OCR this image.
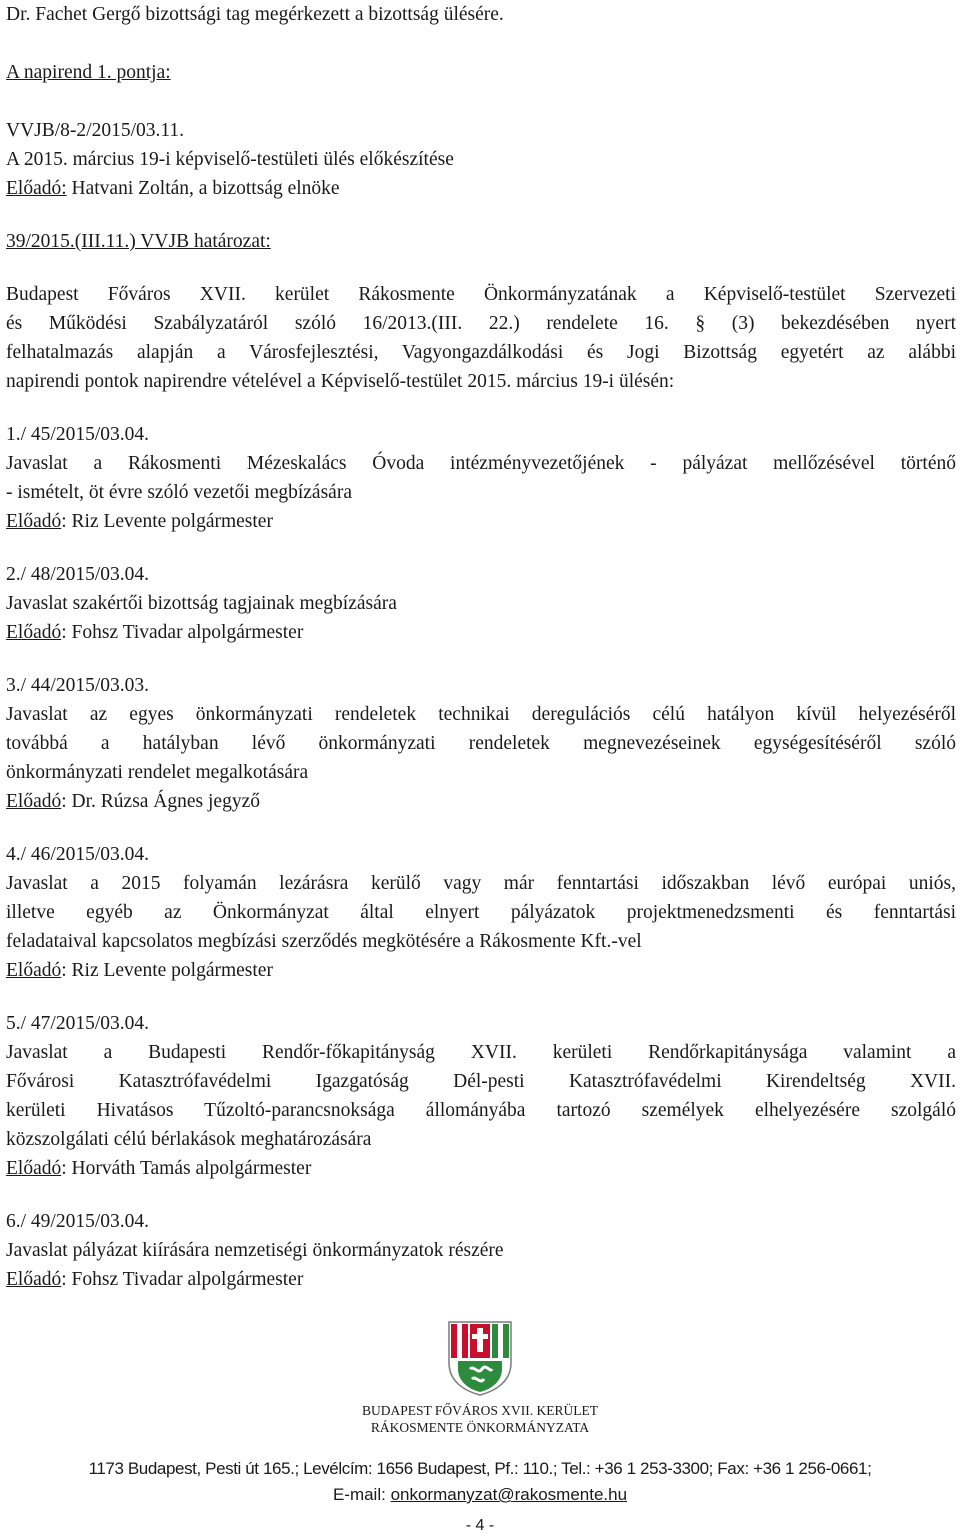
Dr. Fachet Gergő bizottsági tag megérkezett a bizottság ülésére.
A napirend 1. pontja:
VVJB/8-2/2015/03.11.
A 2015. március 19-i képviselő-testületi ülés előkészítése
Előadó: Hatvani Zoltán, a bizottság elnöke
39/2015.(III.11.) VVJB határozat:
Budapest Főváros XVII. kerület Rákosmente Önkormányzatának a Képviselő-testület Szervezeti
és Működési Szabályzatáról szóló 16/2013.(III. 22.) rendelete 16. § (3) bekezdésében nyert
felhatalmazás alapján a Városfejlesztési, Vagyongazdálkodási és Jogi Bizottság egyetért az alábbi
napirendi pontok napirendre vételével a Képviselő-testület 2015. március 19-i ülésén:
1./ 45/2015/03.04.
Javaslat a Rákosmenti Mézeskalács Óvoda intézményvezetőjének - pályázat mellőzésével történő
- ismételt, öt évre szóló vezetői megbízására
Előadó: Riz Levente polgármester
2./ 48/2015/03.04.
Javaslat szakértői bizottság tagjainak megbízására
Előadó: Fohsz Tivadar alpolgármester
3./ 44/2015/03.03.
Javaslat az egyes önkormányzati rendeletek technikai deregulációs célú hatályon kívül helyezéséről
továbbá a hatályban lévő önkormányzati rendeletek megnevezéseinek egységesítéséről szóló
önkormányzati rendelet megalkotására
Előadó: Dr. Rúzsa Ágnes jegyző
4./ 46/2015/03.04.
Javaslat a 2015 folyamán lezárásra kerülő vagy már fenntartási időszakban lévő európai uniós,
illetve egyéb az Önkormányzat által elnyert pályázatok projektmenedzsmenti és fenntartási
feladataival kapcsolatos megbízási szerződés megkötésére a Rákosmente Kft.-vel
Előadó: Riz Levente polgármester
5./ 47/2015/03.04.
Javaslat a Budapesti Rendőr-főkapitányság XVII. kerületi Rendőrkapitánysága valamint a
Fővárosi Katasztrófavédelmi Igazgatóság Dél-pesti Katasztrófavédelmi Kirendeltség XVII.
kerületi Hivatásos Tűzoltó-parancsnoksága állományába tartozó személyek elhelyezésére szolgáló
közszolgálati célú bérlakások meghatározására
Előadó: Horváth Tamás alpolgármester
6./ 49/2015/03.04.
Javaslat pályázat kiírására nemzetiségi önkormányzatok részére
Előadó: Fohsz Tivadar alpolgármester
BUDAPEST FŐVÁROS XVII. KERÜLET
RÁKOSMENTE ÖNKORMÁNYZATA
1173 Budapest, Pesti út 165.; Levélcím: 1656 Budapest, Pf.: 110.; Tel.: +36 1 253-3300; Fax: +36 1 256-0661;
E-mail: onkormanyzat@rakosmente.hu
- 4 -
